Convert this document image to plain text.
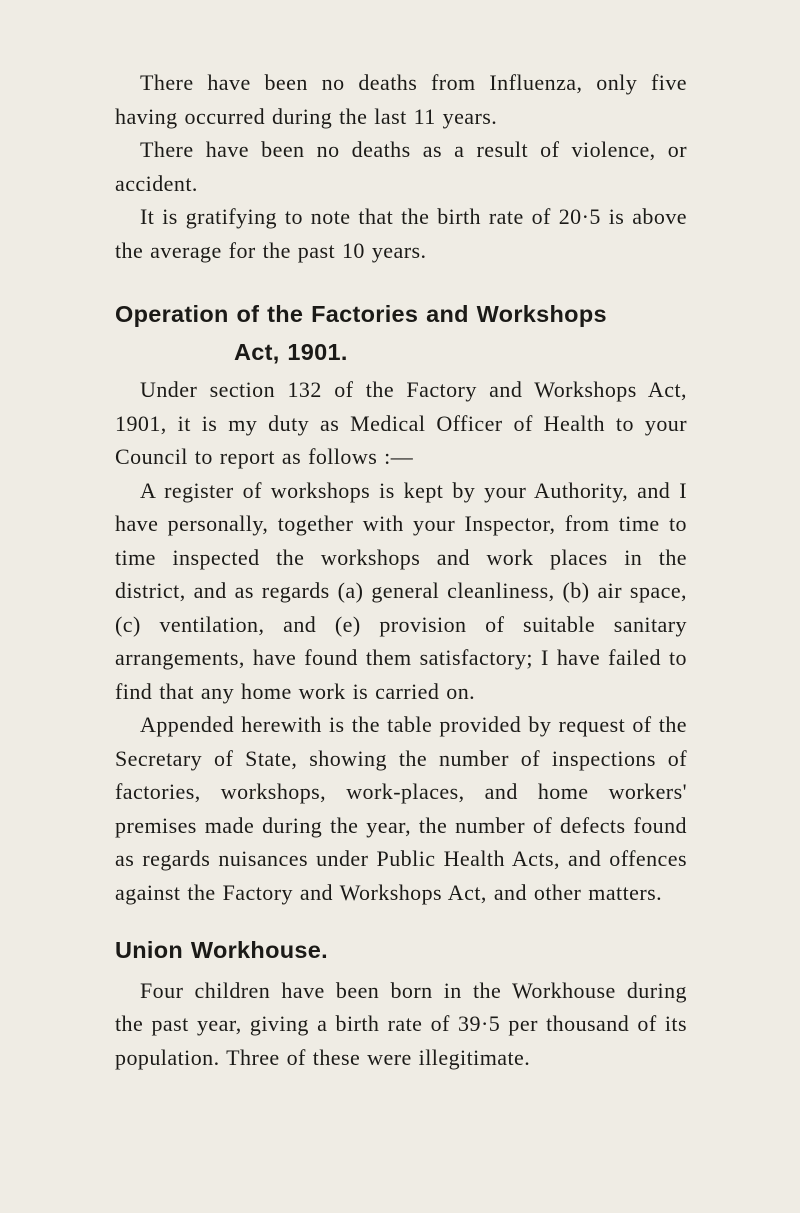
There have been no deaths from Influenza, only five having occurred during the last 11 years.

There have been no deaths as a result of violence, or accident.

It is gratifying to note that the birth rate of 20·5 is above the average for the past 10 years.

Operation of the Factories and Workshops
Act, 1901.

Under section 132 of the Factory and Workshops Act, 1901, it is my duty as Medical Officer of Health to your Council to report as follows :—

A register of workshops is kept by your Authority, and I have personally, together with your Inspector, from time to time inspected the workshops and work places in the district, and as regards (a) general cleanliness, (b) air space, (c) ventilation, and (e) provision of suitable sanitary arrangements, have found them satisfactory; I have failed to find that any home work is carried on.

Appended herewith is the table provided by request of the Secretary of State, showing the number of inspections of factories, workshops, work-places, and home workers' premises made during the year, the number of defects found as regards nuisances under Public Health Acts, and offences against the Factory and Workshops Act, and other matters.

Union Workhouse.

Four children have been born in the Workhouse during the past year, giving a birth rate of 39·5 per thousand of its population. Three of these were illegitimate.
